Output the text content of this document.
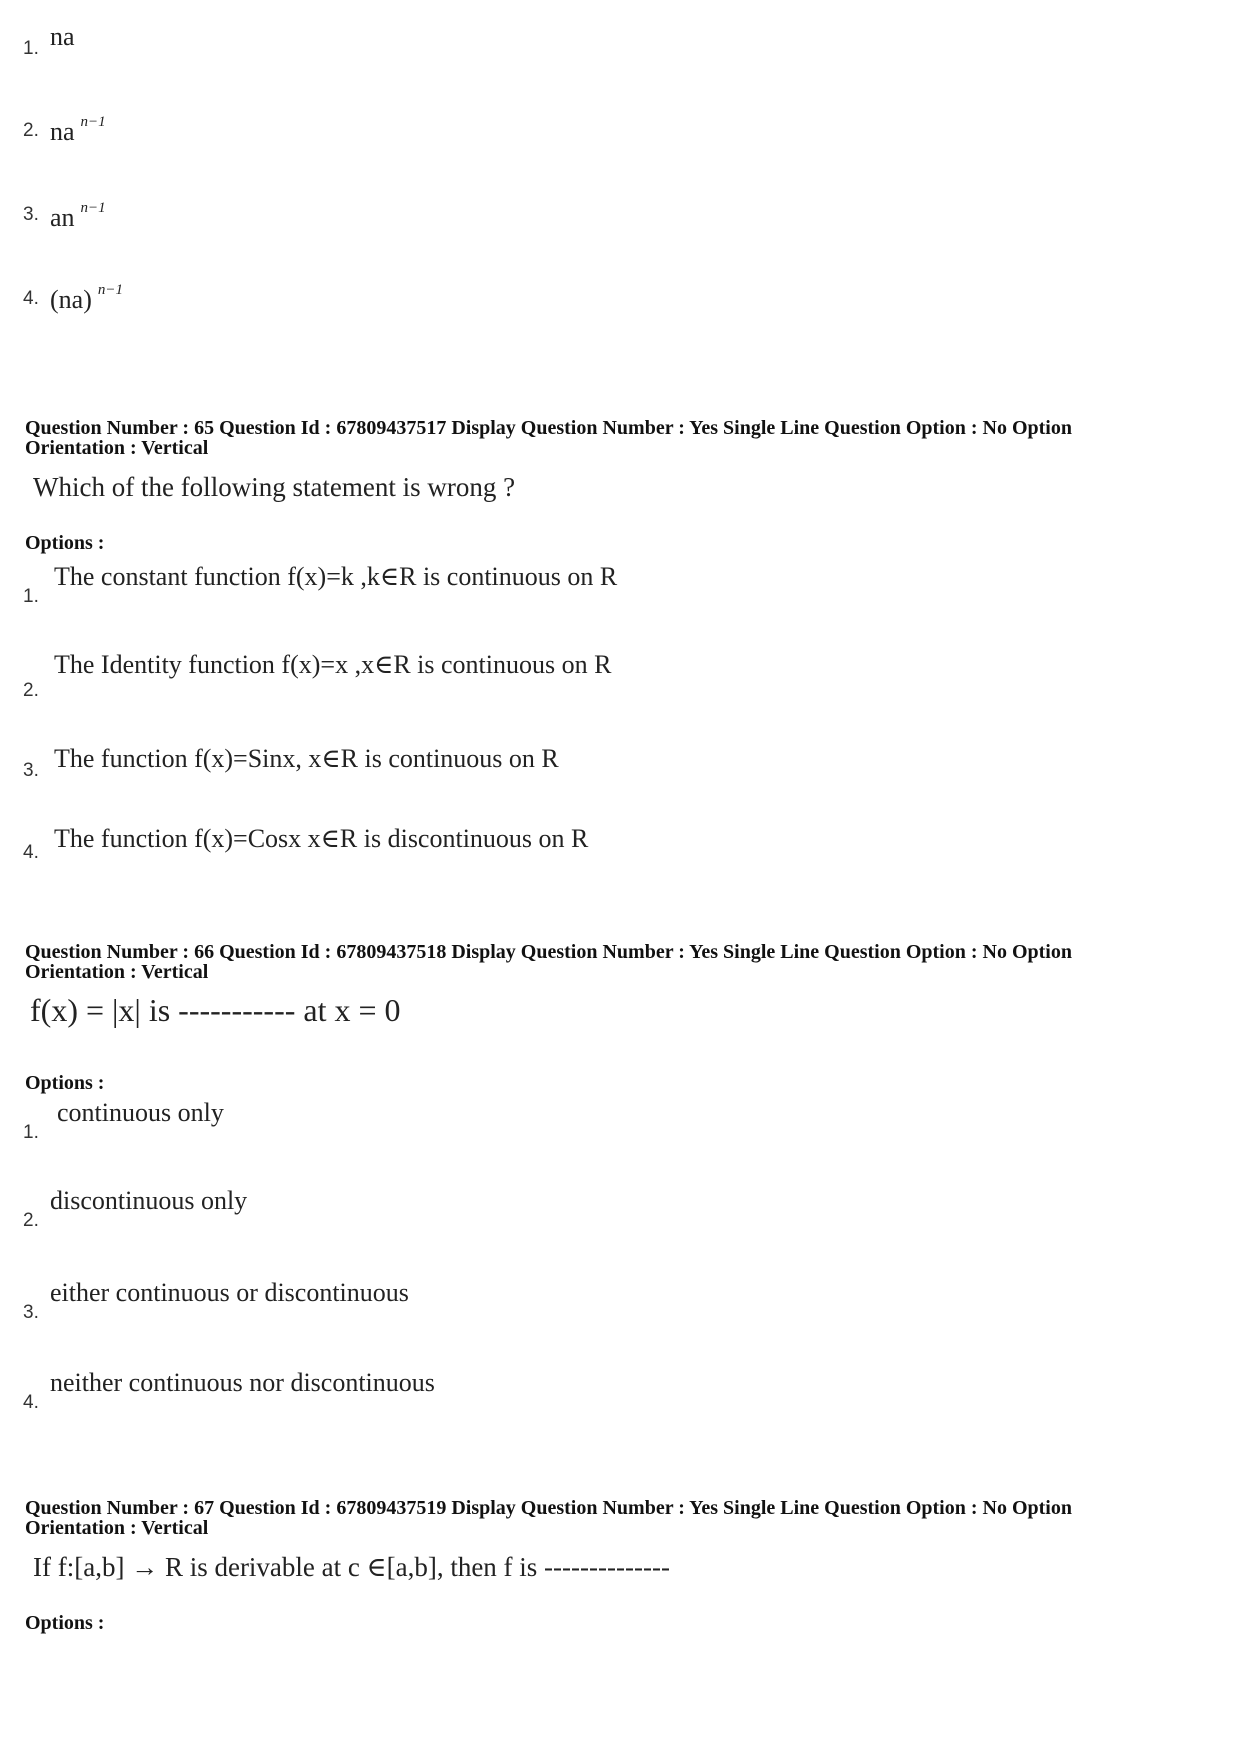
1. na
2. na $^{n-1}$
3. an $^{n-1}$
4. (na) $^{n-1}$
Question Number : 65 Question Id : 67809437517 Display Question Number : Yes Single Line Question Option : No Option
Orientation : Vertical
Which of the following statement is wrong ?
Options :
1.
The constant function f(x)=k ,k∈R is continuous on R
2.
The Identity function f(x)=x ,x∈R is continuous on R
3. The function f(x)=Sinx, x∈R is continuous on R
4. The function f(x)=Cosx x∈R is discontinuous on R
Question Number : 66 Question Id : 67809437518 Display Question Number : Yes Single Line Question Option : No Option
Orientation : Vertical
f(x) = |x| is ----------- at x = 0
Options :
1.
continuous only
2.
discontinuous only
3.
either continuous or discontinuous
4.
neither continuous nor discontinuous
Question Number : 67 Question Id : 67809437519 Display Question Number : Yes Single Line Question Option : No Option
Orientation : Vertical
If f:[a,b] → R is derivable at c ∈[a,b], then f is --------------
Options :
